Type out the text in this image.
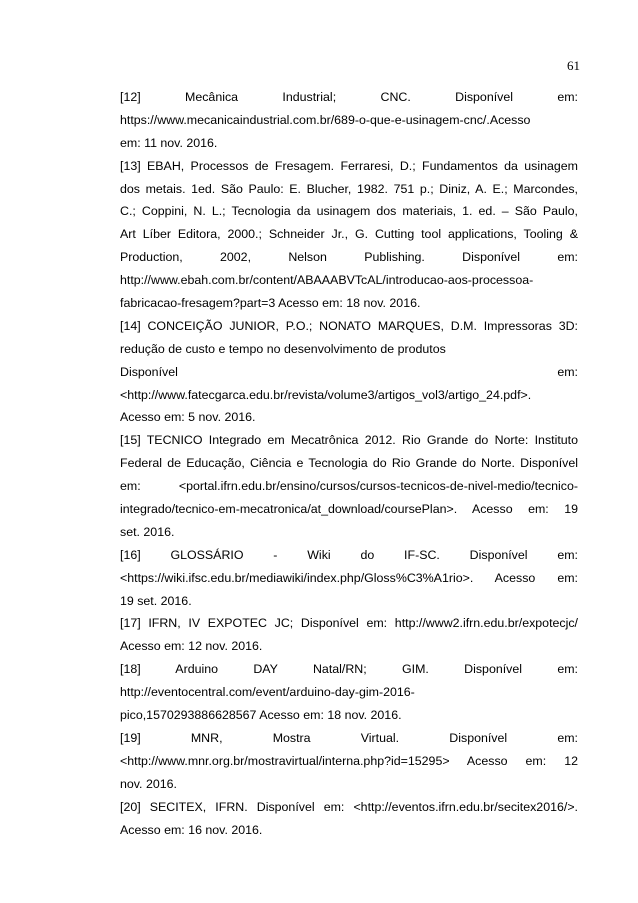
61
[12] Mecânica Industrial; CNC. Disponível em:
https://www.mecanicaindustrial.com.br/689-o-que-e-usinagem-cnc/.Acesso
em: 11 nov. 2016.
[13] EBAH, Processos de Fresagem. Ferraresi, D.; Fundamentos da usinagem
dos metais. 1ed. São Paulo: E. Blucher, 1982. 751 p.; Diniz, A. E.; Marcondes,
C.; Coppini, N. L.; Tecnologia da usinagem dos materiais, 1. ed. – São Paulo,
Art Líber Editora, 2000.; Schneider Jr., G. Cutting tool applications, Tooling &
Production, 2002, Nelson Publishing. Disponível em:
http://www.ebah.com.br/content/ABAAABVTcAL/introducao-aos-processoa-
fabricacao-fresagem?part=3 Acesso em: 18 nov. 2016.
[14] CONCEIÇÃO JUNIOR, P.O.; NONATO MARQUES, D.M. Impressoras 3D:
redução de custo e tempo no desenvolvimento de produtos
Disponível em:
<http://www.fatecgarca.edu.br/revista/volume3/artigos_vol3/artigo_24.pdf>.
Acesso em: 5 nov. 2016.
[15] TECNICO Integrado em Mecatrônica 2012. Rio Grande do Norte: Instituto
Federal de Educação, Ciência e Tecnologia do Rio Grande do Norte. Disponível
em: <portal.ifrn.edu.br/ensino/cursos/cursos-tecnicos-de-nivel-medio/tecnico-
integrado/tecnico-em-mecatronica/at_download/coursePlan>. Acesso em: 19
set. 2016.
[16] GLOSSÁRIO - Wiki do IF-SC. Disponível em:
<https://wiki.ifsc.edu.br/mediawiki/index.php/Gloss%C3%A1rio>. Acesso em:
19 set. 2016.
[17] IFRN, IV EXPOTEC JC; Disponível em: http://www2.ifrn.edu.br/expotecjc/
Acesso em: 12 nov. 2016.
[18] Arduino DAY Natal/RN; GIM. Disponível em:
http://eventocentral.com/event/arduino-day-gim-2016-
pico,1570293886628567 Acesso em: 18 nov. 2016.
[19] MNR, Mostra Virtual. Disponível em:
<http://www.mnr.org.br/mostravirtual/interna.php?id=15295> Acesso em: 12
nov. 2016.
[20] SECITEX, IFRN. Disponível em: <http://eventos.ifrn.edu.br/secitex2016/>.
Acesso em: 16 nov. 2016.
